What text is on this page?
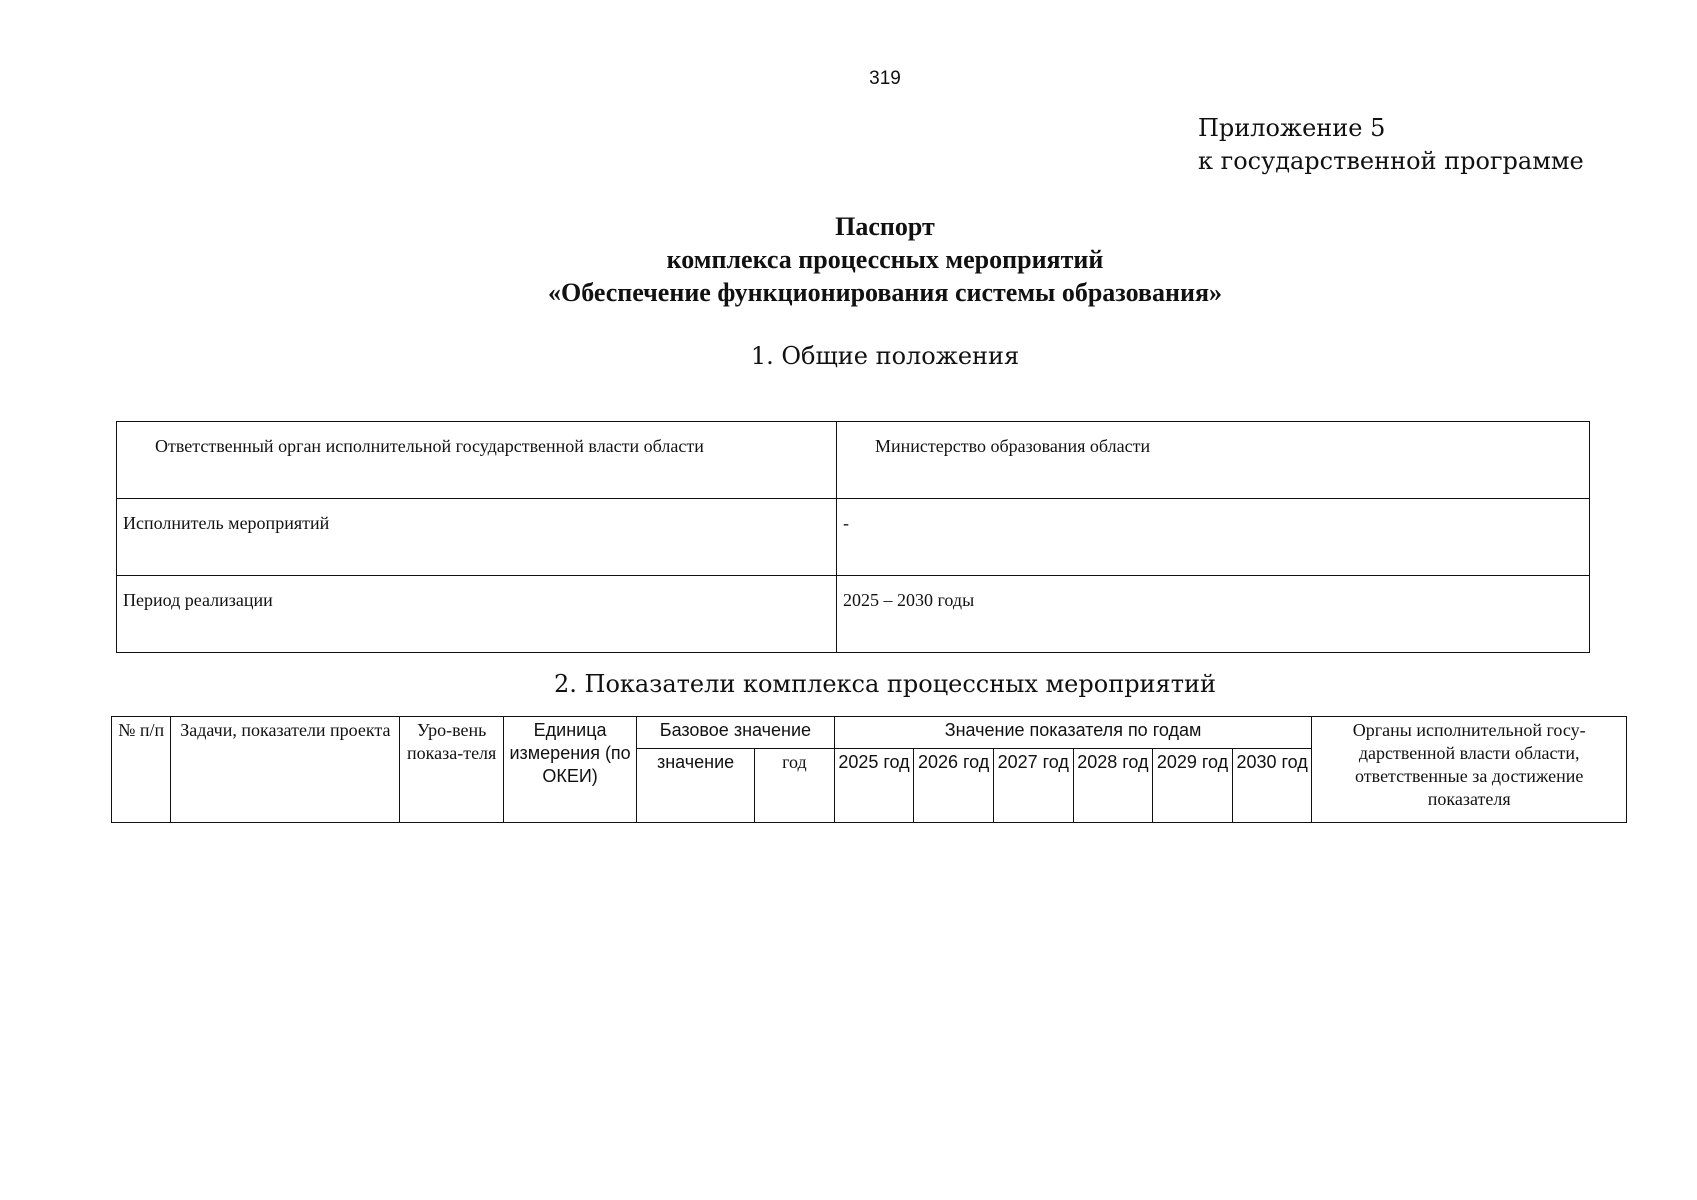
319
Приложение 5
к государственной программе
Паспорт
комплекса процессных мероприятий
«Обеспечение функционирования системы образования»
1. Общие положения
Ответственный орган исполнительной государственной власти области	Министерство образования области
Исполнитель мероприятий	-
Период реализации	2025 – 2030 годы
2. Показатели комплекса процессных мероприятий
№ п/п	Задачи, показатели проекта	Уро-вень показа-теля	Единица измерения (по ОКЕИ)	Базовое значение		Значение показателя по годам						Органы исполнительной госу-дарственной власти области, ответственные за достижение показателя
				значение	год	2025 год	2026 год	2027 год	2028 год	2029 год	2030 год	
